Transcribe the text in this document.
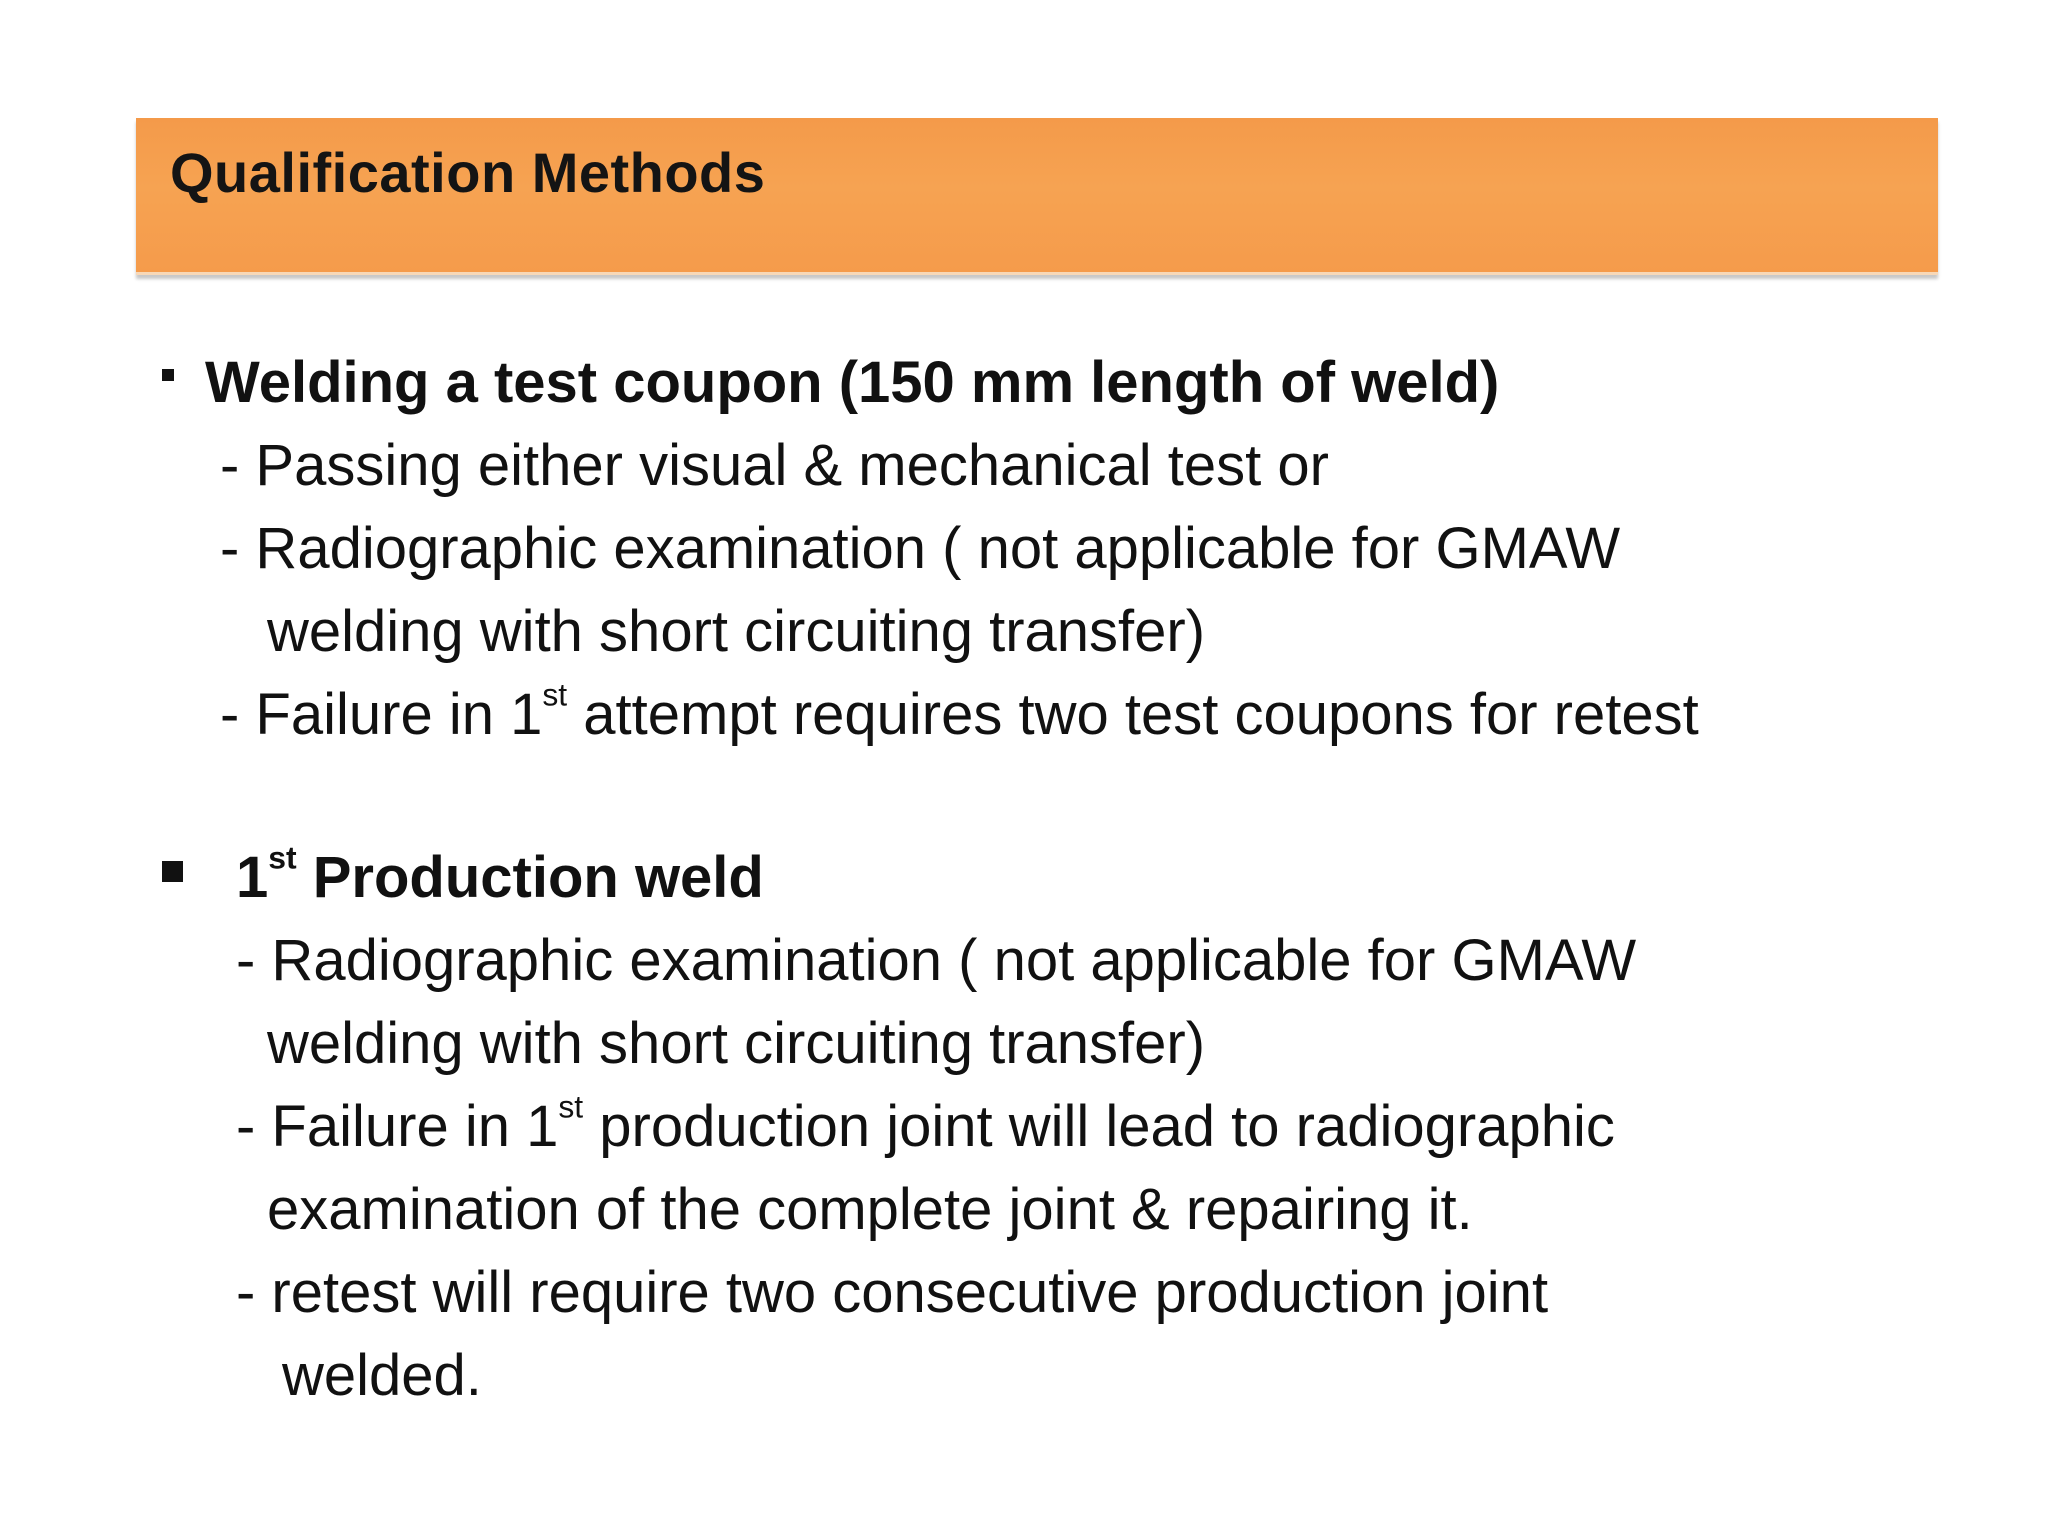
Qualification Methods
Welding a test coupon (150 mm length of weld)
- Passing either visual & mechanical test or
- Radiographic examination ( not applicable for GMAW
welding with short circuiting transfer)
- Failure in 1st attempt requires two test coupons for retest
1st Production weld
- Radiographic examination ( not applicable for GMAW
welding with short circuiting transfer)
- Failure in 1st production joint will lead to radiographic
examination of the complete joint & repairing it.
- retest will require two consecutive production joint
welded.
